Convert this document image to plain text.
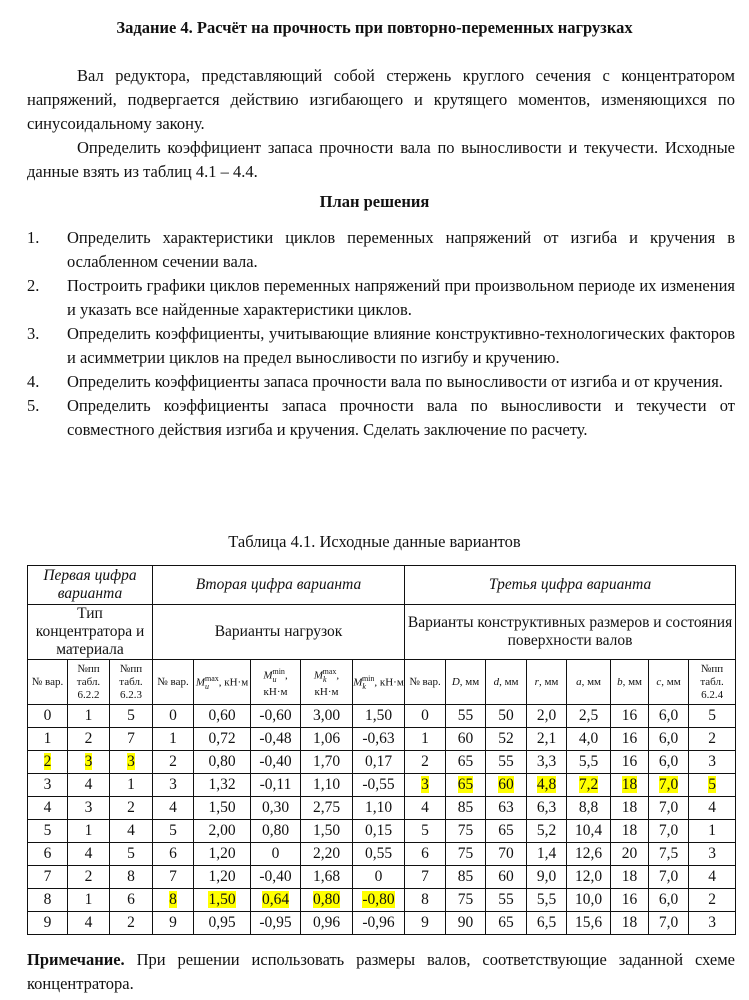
Задание 4. Расчёт на прочность при повторно-переменных нагрузках
Вал редуктора, представляющий собой стержень круглого сечения с концентратором напряжений, подвергается действию изгибающего и крутящего моментов, изменяющихся по синусоидальному закону.
Определить коэффициент запаса прочности вала по выносливости и текучести. Исходные данные взять из таблиц 4.1 – 4.4.
План решения
1. Определить характеристики циклов переменных напряжений от изгиба и кручения в ослабленном сечении вала.
2. Построить графики циклов переменных напряжений при произвольном периоде их изменения и указать все найденные характеристики циклов.
3. Определить коэффициенты, учитывающие влияние конструктивно-технологических факторов и асимметрии циклов на предел выносливости по изгибу и кручению.
4. Определить коэффициенты запаса прочности вала по выносливости от изгиба и от кручения.
5. Определить коэффициенты запаса прочности вала по выносливости и текучести от совместного действия изгиба и кручения. Сделать заключение по расчету.
Таблица 4.1. Исходные данные вариантов
Первая цифра варианта			Вторая цифра варианта					Третья цифра варианта							
Тип концентратора и материала			Варианты нагрузок					Варианты конструктивных размеров и состояния поверхности валов							
№ вар.	№пп табл. 6.2.2	№пп табл. 6.2.3	№ вар.	$M_и^{max}$, кН·м	$M_и^{min}$, кН·м	$M_k^{max}$, кН·м	$M_k^{min}$, кН·м	№ вар.	D, мм	d, мм	r, мм	a, мм	b, мм	c, мм	№пп табл. 6.2.4
0	1	5	0	0,60	-0,60	3,00	1,50	0	55	50	2,0	2,5	16	6,0	5
1	2	7	1	0,72	-0,48	1,06	-0,63	1	60	52	2,1	4,0	16	6,0	2
2	3	3	2	0,80	-0,40	1,70	0,17	2	65	55	3,3	5,5	16	6,0	3
3	4	1	3	1,32	-0,11	1,10	-0,55	3	65	60	4,8	7,2	18	7,0	5
4	3	2	4	1,50	0,30	2,75	1,10	4	85	63	6,3	8,8	18	7,0	4
5	1	4	5	2,00	0,80	1,50	0,15	5	75	65	5,2	10,4	18	7,0	1
6	4	5	6	1,20	0	2,20	0,55	6	75	70	1,4	12,6	20	7,5	3
7	2	8	7	1,20	-0,40	1,68	0	7	85	60	9,0	12,0	18	7,0	4
8	1	6	8	1,50	0,64	0,80	-0,80	8	75	55	5,5	10,0	16	6,0	2
9	4	2	9	0,95	-0,95	0,96	-0,96	9	90	65	6,5	15,6	18	7,0	3
Примечание. При решении использовать размеры валов, соответствующие заданной схеме концентратора.
